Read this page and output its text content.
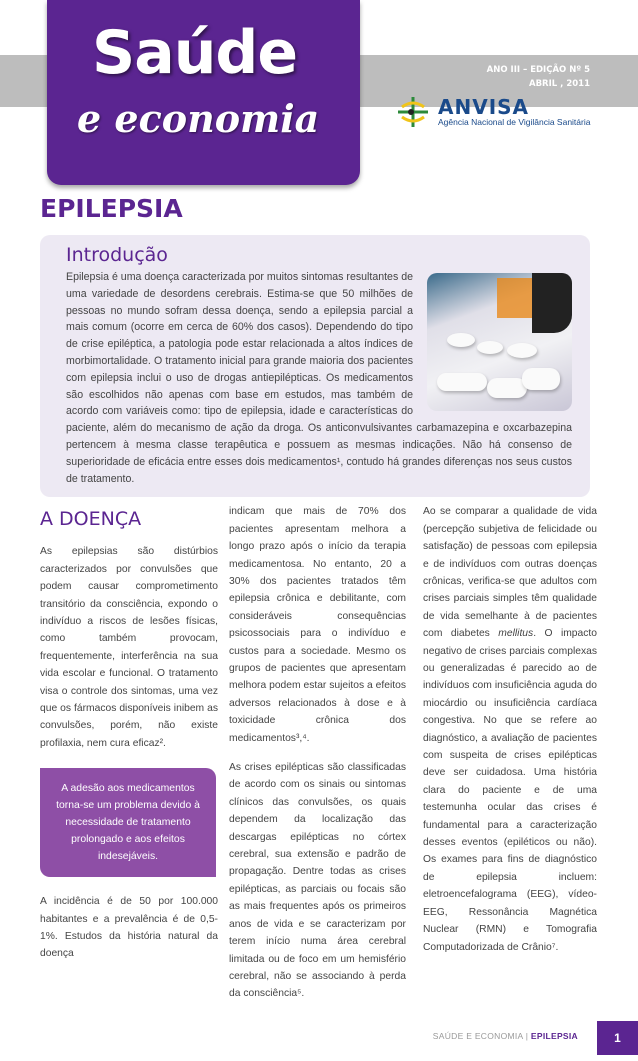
Saúde
e economia
ANO III – EDIÇÃO Nº 5
ABRIL , 2011
ANVISA
Agência Nacional de Vigilância Sanitária
EPILEPSIA
Introdução
Epilepsia é uma doença caracterizada por muitos sintomas resultantes de uma variedade de desordens cerebrais. Estima-se que 50 milhões de pessoas no mundo sofram dessa doença, sendo a epilepsia parcial a mais comum (ocorre em cerca de 60% dos casos). Dependendo do tipo de crise epiléptica, a patologia pode estar relacionada a altos índices de morbimortalidade. O tratamento inicial para grande maioria dos pacientes com epilepsia inclui o uso de drogas antiepilépticas. Os medicamentos são escolhidos não apenas com base em estudos, mas também de acordo com variáveis como: tipo de epilepsia, idade e características do paciente, além do mecanismo de ação da droga. Os anticonvulsivantes carbamazepina e oxcarbazepina pertencem à mesma classe terapêutica e possuem as mesmas indicações. Não há consenso de superioridade de eficácia entre esses dois medicamentos¹, contudo há grandes diferenças nos seus custos de tratamento.
A DOENÇA

As epilepsias são distúrbios caracterizados por convulsões que podem causar comprometimento transitório da consciência, expondo o indivíduo a riscos de lesões físicas, como também provocam, frequentemente, interferência na sua vida escolar e funcional. O tratamento visa o controle dos sintomas, uma vez que os fármacos disponíveis inibem as convulsões, porém, não existe profilaxia, nem cura eficaz².

A adesão aos medicamentos torna-se um problema devido à necessidade de tratamento prolongado e aos efeitos indesejáveis.

A incidência é de 50 por 100.000 habitantes e a prevalência é de 0,5-1%. Estudos da história natural da doença

indicam que mais de 70% dos pacientes apresentam melhora a longo prazo após o início da terapia medicamentosa. No entanto, 20 a 30% dos pacientes tratados têm epilepsia crônica e debilitante, com consideráveis consequências psicossociais para o indivíduo e custos para a sociedade. Mesmo os grupos de pacientes que apresentam melhora podem estar sujeitos a efeitos adversos relacionados à dose e à toxicidade crônica dos medicamentos³,⁴.

As crises epilépticas são classificadas de acordo com os sinais ou sintomas clínicos das convulsões, os quais dependem da localização das descargas epilépticas no córtex cerebral, sua extensão e padrão de propagação. Dentre todas as crises epilépticas, as parciais ou focais são as mais frequentes após os primeiros anos de vida e se caracterizam por terem início numa área cerebral limitada ou de foco em um hemisfério cerebral, não se associando à perda da consciência⁵.

Ao se comparar a qualidade de vida (percepção subjetiva de felicidade ou satisfação) de pessoas com epilepsia e de indivíduos com outras doenças crônicas, verifica-se que adultos com crises parciais simples têm qualidade de vida semelhante à de pacientes com diabetes mellitus. O impacto negativo de crises parciais complexas ou generalizadas é parecido ao de indivíduos com insuficiência aguda do miocárdio ou insuficiência cardíaca congestiva. No que se refere ao diagnóstico, a avaliação de pacientes com suspeita de crises epilépticas deve ser cuidadosa. Uma história clara do paciente e de uma testemunha ocular das crises é fundamental para a caracterização desses eventos (epiléticos ou não). Os exames para fins de diagnóstico de epilepsia incluem: eletroencefalograma (EEG), vídeo-EEG, Ressonância Magnética Nuclear (RMN) e Tomografia Computadorizada de Crânio⁷.

SAÚDE E ECONOMIA | EPILEPSIA	1
